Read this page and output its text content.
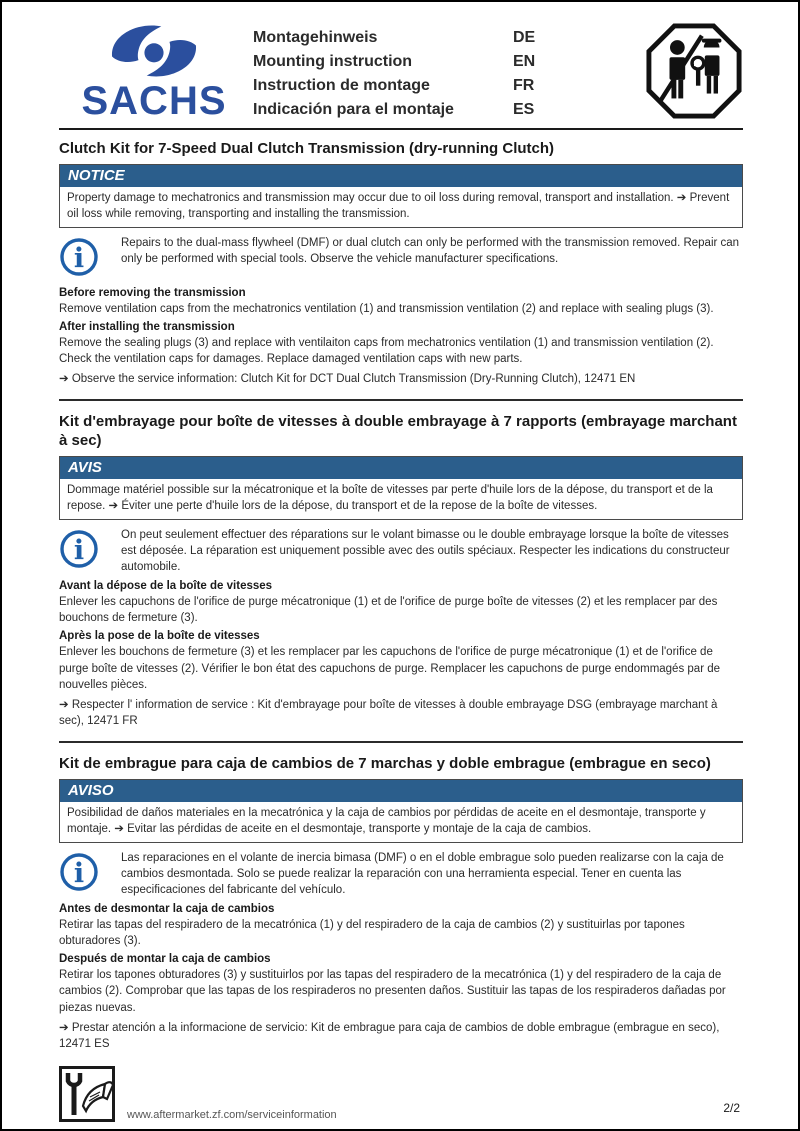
SACHS
Montagehinweis	DE
Mounting instruction	EN
Instruction de montage	FR
Indicación para el montaje	ES
Clutch Kit for 7-Speed Dual Clutch Transmission (dry-running Clutch)
NOTICE

Property damage to mechatronics and transmission may occur due to oil loss during removal, transport and installation. ➔ Prevent oil loss while removing, transporting and installing the transmission.

i	Repairs to the dual-mass flywheel (DMF) or dual clutch can only be performed with the transmission removed. Repair can only be performed with special tools. Observe the vehicle manufacturer specifications.

Before removing the transmission

Remove ventilation caps from the mechatronics ventilation (1) and transmission ventilation (2) and replace with sealing plugs (3).

After installing the transmission

Remove the sealing plugs (3) and replace with ventilaiton caps from mechatronics ventilation (1) and transmission ventilation (2). Check the ventilation caps for damages. Replace damaged ventilation caps with new parts.

➔ Observe the service information: Clutch Kit for DCT Dual Clutch Transmission (Dry-Running Clutch), 12471 EN

Kit d'embrayage pour boîte de vitesses à double embrayage à 7 rapports (embrayage marchant à sec)
AVIS

Dommage matériel possible sur la mécatronique et la boîte de vitesses par perte d'huile lors de la dépose, du transport et de la repose. ➔ Éviter une perte d'huile lors de la dépose, du transport et de la repose de la boîte de vitesses.

i	On peut seulement effectuer des réparations sur le volant bimasse ou le double embrayage lorsque la boîte de vitesses est déposée. La réparation est uniquement possible avec des outils spéciaux. Respecter les indications du constructeur automobile.

Avant la dépose de la boîte de vitesses

Enlever les capuchons de l'orifice de purge mécatronique (1) et de l'orifice de purge boîte de vitesses (2) et les remplacer par des bouchons de fermeture (3).

Après la pose de la boîte de vitesses

Enlever les bouchons de fermeture (3) et les remplacer par les capuchons de l'orifice de purge mécatronique (1) et de l'orifice de purge boîte de vitesses (2). Vérifier le bon état des capuchons de purge. Remplacer les capuchons de purge endommagés par de nouvelles pièces.

➔ Respecter l' information de service : Kit d'embrayage pour boîte de vitesses à double embrayage DSG (embrayage marchant à sec), 12471 FR

Kit de embrague para caja de cambios de 7 marchas y doble embrague (embrague en seco)
AVISO

Posibilidad de daños materiales en la mecatrónica y la caja de cambios por pérdidas de aceite en el desmontaje, transporte y montaje. ➔ Evitar las pérdidas de aceite en el desmontaje, transporte y montaje de la caja de cambios.

i	Las reparaciones en el volante de inercia bimasa (DMF) o en el doble embrague solo pueden realizarse con la caja de cambios desmontada. Solo se puede realizar la reparación con una herramienta especial. Tener en cuenta las especificaciones del fabricante del vehículo.

Antes de desmontar la caja de cambios

Retirar las tapas del respiradero de la mecatrónica (1) y del respiradero de la caja de cambios (2) y sustituirlas por tapones obturadores (3).

Después de montar la caja de cambios

Retirar los tapones obturadores (3) y sustituirlos por las tapas del respiradero de la mecatrónica (1) y del respiradero de la caja de cambios (2). Comprobar que las tapas de los respiraderos no presenten daños. Sustituir las tapas de los respiraderos dañadas por piezas nuevas.

➔ Prestar atención a la informacione de servicio: Kit de embrague para caja de cambios de doble embrague (embrague en seco), 12471 ES

www.aftermarket.zf.com/serviceinformation	2/2
